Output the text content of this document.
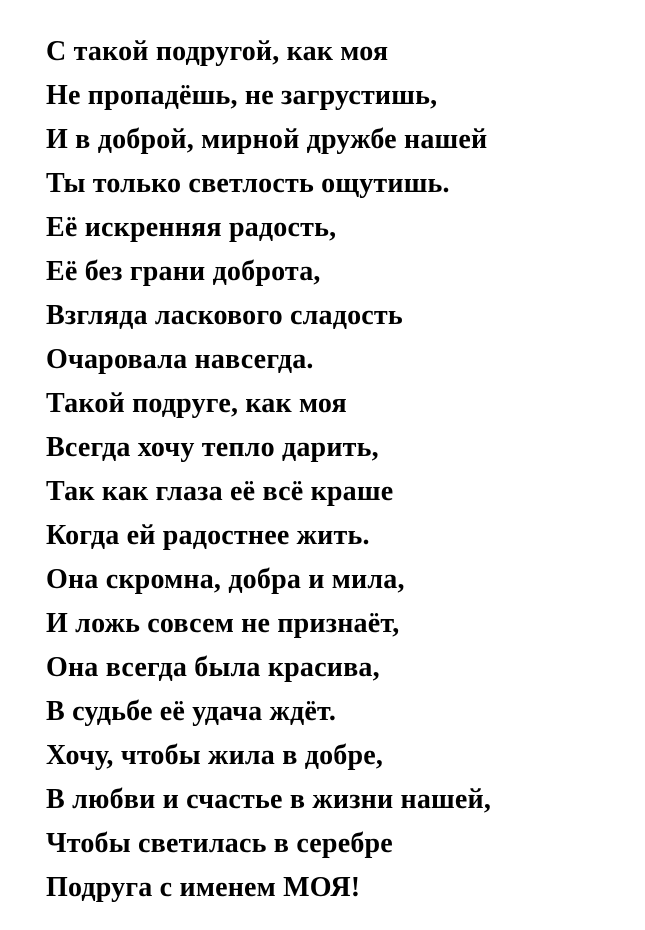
С такой подругой, как моя
Не пропадёшь, не загрустишь,
И в доброй, мирной дружбе нашей
Ты только светлость ощутишь.
Её искренняя радость,
Её без грани доброта,
Взгляда ласкового сладость
Очаровала навсегда.
Такой подруге, как моя
Всегда хочу тепло дарить,
Так как глаза её всё краше
Когда ей радостнее жить.
Она скромна, добра и мила,
И ложь совсем не признаёт,
Она всегда была красива,
В судьбе её удача ждёт.
Хочу, чтобы жила в добре,
В любви и счастье в жизни нашей,
Чтобы светилась в серебре
Подруга с именем МОЯ!
